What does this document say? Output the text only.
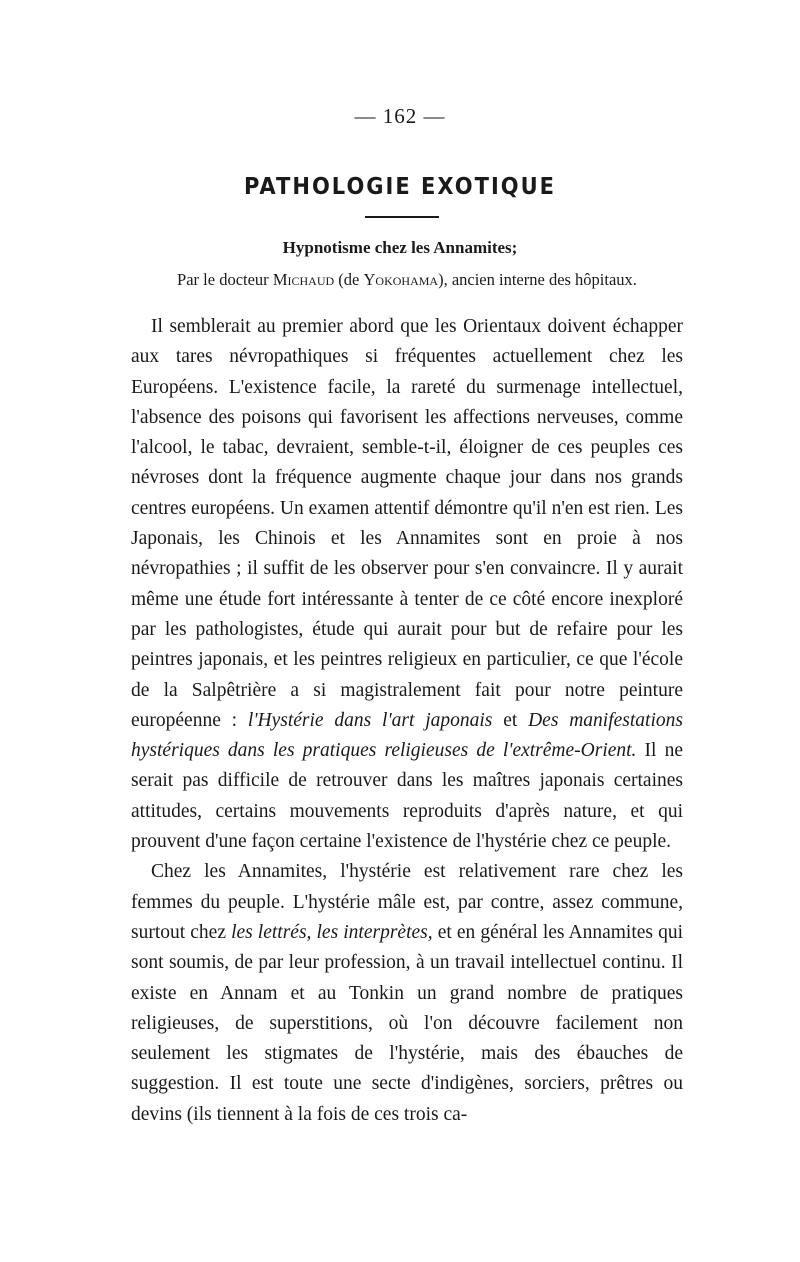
— 162 —
PATHOLOGIE EXOTIQUE
Hypnotisme chez les Annamites;
Par le docteur Michaud (de Yokohama), ancien interne des hôpitaux.

Il semblerait au premier abord que les Orientaux doivent échapper aux tares névropathiques si fréquentes actuellement chez les Européens. L'existence facile, la rareté du surmenage intellectuel, l'absence des poisons qui favorisent les affections nerveuses, comme l'alcool, le tabac, devraient, semble-t-il, éloigner de ces peuples ces névroses dont la fréquence augmente chaque jour dans nos grands centres européens. Un examen attentif démontre qu'il n'en est rien. Les Japonais, les Chinois et les Annamites sont en proie à nos névropathies ; il suffit de les observer pour s'en convaincre. Il y aurait même une étude fort intéressante à tenter de ce côté encore inexploré par les pathologistes, étude qui aurait pour but de refaire pour les peintres japonais, et les peintres religieux en particulier, ce que l'école de la Salpêtrière a si magistralement fait pour notre peinture européenne : l'Hystérie dans l'art japonais et Des manifestations hystériques dans les pratiques religieuses de l'extrême-Orient. Il ne serait pas difficile de retrouver dans les maîtres japonais certaines attitudes, certains mouvements reproduits d'après nature, et qui prouvent d'une façon certaine l'existence de l'hystérie chez ce peuple.

Chez les Annamites, l'hystérie est relativement rare chez les femmes du peuple. L'hystérie mâle est, par contre, assez commune, surtout chez les lettrés, les interprètes, et en général les Annamites qui sont soumis, de par leur profession, à un travail intellectuel continu. Il existe en Annam et au Tonkin un grand nombre de pratiques religieuses, de superstitions, où l'on découvre facilement non seulement les stigmates de l'hystérie, mais des ébauches de suggestion. Il est toute une secte d'indigènes, sorciers, prêtres ou devins (ils tiennent à la fois de ces trois ca-
